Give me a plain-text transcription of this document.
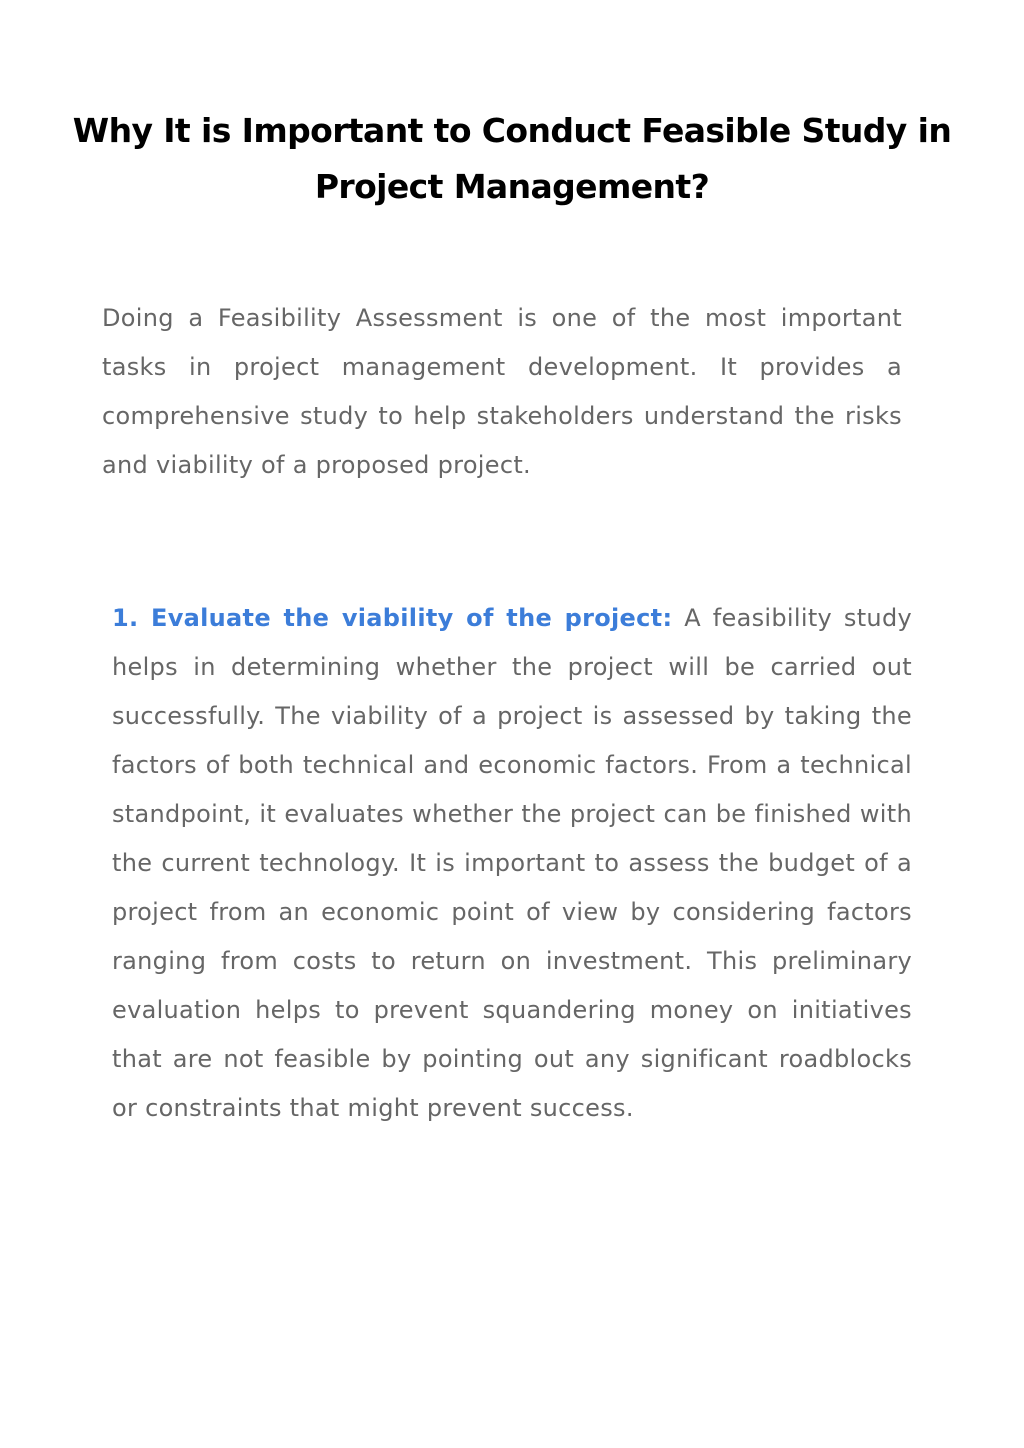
Why It is Important to Conduct Feasible Study in Project Management?

Doing a Feasibility Assessment is one of the most important tasks in project management development. It provides a comprehensive study to help stakeholders understand the risks and viability of a proposed project.

1. Evaluate the viability of the project: A feasibility study helps in determining whether the project will be carried out successfully. The viability of a project is assessed by taking the factors of both technical and economic factors. From a technical standpoint, it evaluates whether the project can be finished with the current technology. It is important to assess the budget of a project from an economic point of view by considering factors ranging from costs to return on investment. This preliminary evaluation helps to prevent squandering money on initiatives that are not feasible by pointing out any significant roadblocks or constraints that might prevent success.
